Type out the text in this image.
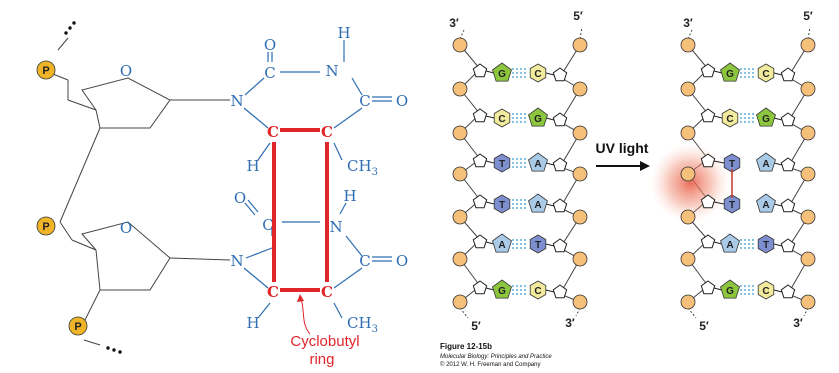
P
P
P
O
O
O
C
H
N
N	C O
H	$CH_3$
O
C
H
N
N	C O
H	$CH_3$
C	C
C	C
Cyclobutyl
ring
3′	5′
5′	3′
G	C
C	G
T	A
T	A
A	T
G	C
3′	5′
5′	3′
G	C
C	G
T	A
T	A
A	T
G	C
UV light
Figure 12-15b
Molecular Biology: Principles and Practice
© 2012 W. H. Freeman and Company
